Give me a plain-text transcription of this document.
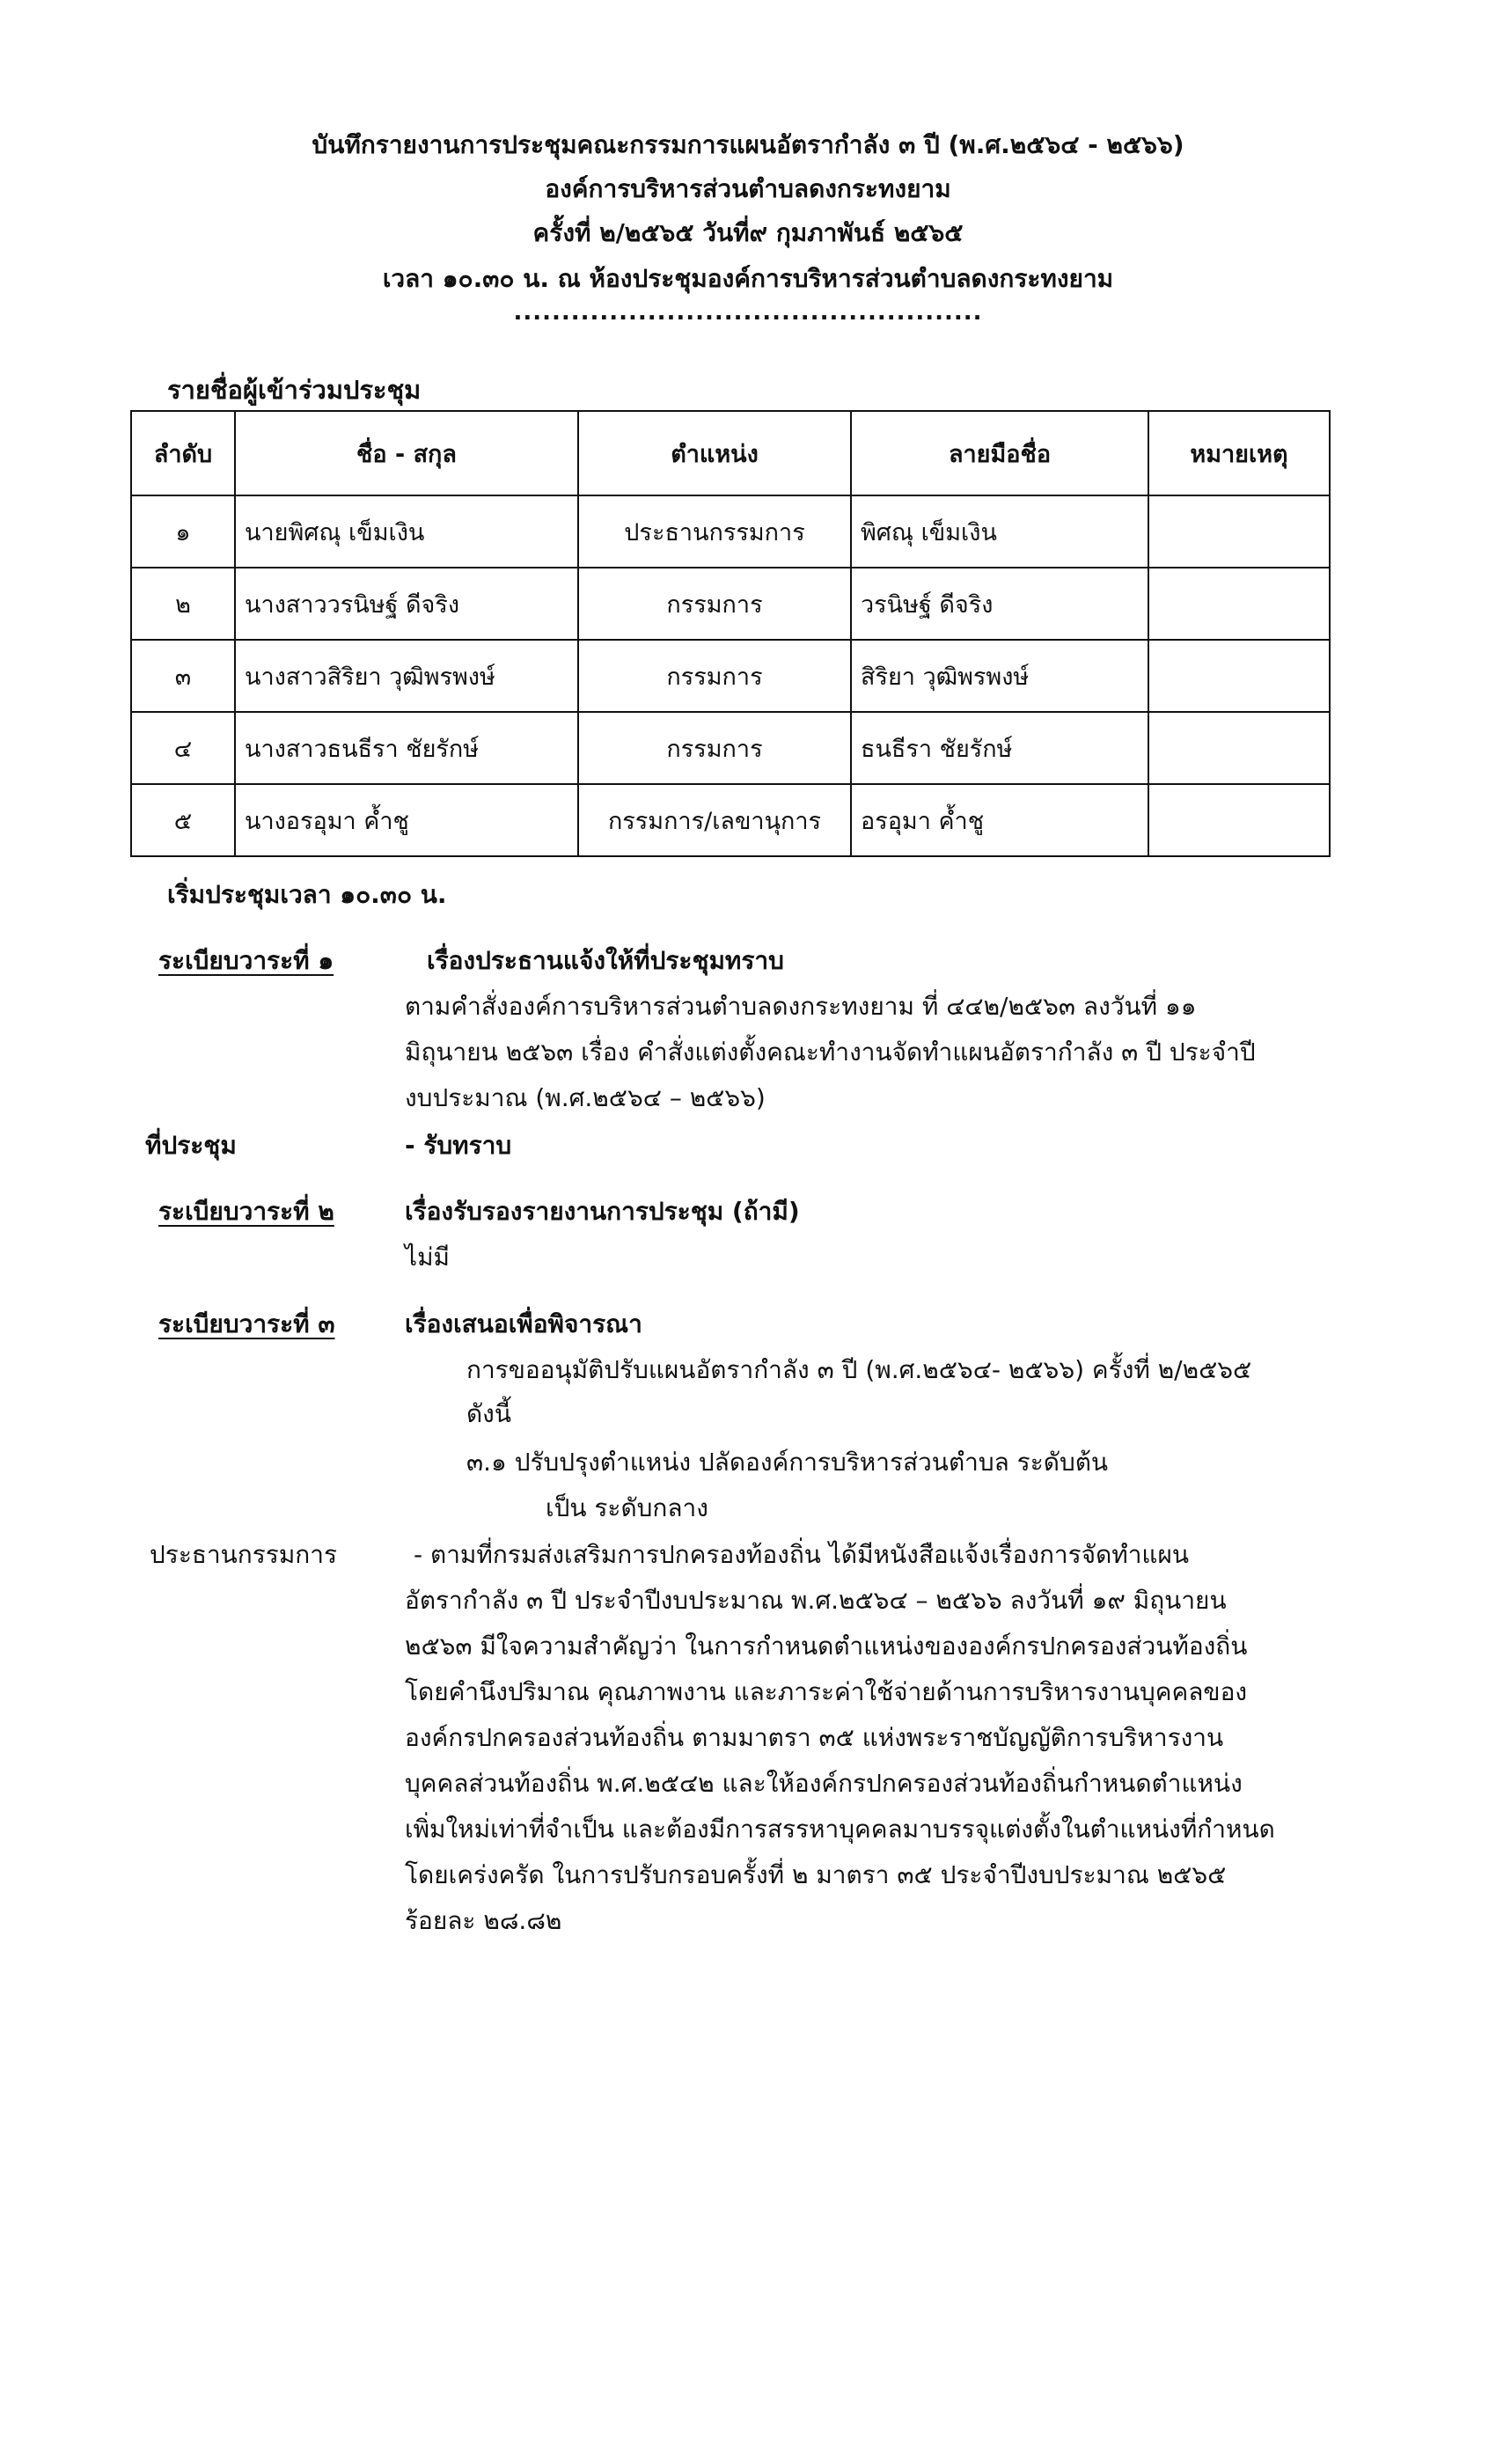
บันทึกรายงานการประชุมคณะกรรมการแผนอัตรากำลัง ๓ ปี (พ.ศ.๒๕๖๔ - ๒๕๖๖)
องค์การบริหารส่วนตำบลดงกระทงยาม
ครั้งที่ ๒/๒๕๖๕ วันที่๙ กุมภาพันธ์ ๒๕๖๕
เวลา ๑๐.๓๐ น. ณ ห้องประชุมองค์การบริหารส่วนตำบลดงกระทงยาม
.................................................
รายชื่อผู้เข้าร่วมประชุม
ลำดับ	ชื่อ - สกุล	ตำแหน่ง	ลายมือชื่อ	หมายเหตุ
๑	นายพิศณุ เข็มเงิน	ประธานกรรมการ	พิศณุ เข็มเงิน	
๒	นางสาววรนิษฐ์ ดีจริง	กรรมการ	วรนิษฐ์ ดีจริง	
๓	นางสาวสิริยา วุฒิพรพงษ์	กรรมการ	สิริยา วุฒิพรพงษ์	
๔	นางสาวธนธีรา ชัยรักษ์	กรรมการ	ธนธีรา ชัยรักษ์	
๕	นางอรอุมา ค้ำชู	กรรมการ/เลขานุการ	อรอุมา ค้ำชู	
เริ่มประชุมเวลา ๑๐.๓๐ น.
ระเบียบวาระที่ ๑	เรื่องประธานแจ้งให้ที่ประชุมทราบ
ตามคำสั่งองค์การบริหารส่วนตำบลดงกระทงยาม ที่ ๔๔๒/๒๕๖๓ ลงวันที่ ๑๑
มิถุนายน ๒๕๖๓ เรื่อง คำสั่งแต่งตั้งคณะทำงานจัดทำแผนอัตรากำลัง ๓ ปี ประจำปี
งบประมาณ (พ.ศ.๒๕๖๔ – ๒๕๖๖)
ที่ประชุม	- รับทราบ
ระเบียบวาระที่ ๒	เรื่องรับรองรายงานการประชุม (ถ้ามี)
ไม่มี
ระเบียบวาระที่ ๓	เรื่องเสนอเพื่อพิจารณา
การขออนุมัติปรับแผนอัตรากำลัง ๓ ปี (พ.ศ.๒๕๖๔- ๒๕๖๖) ครั้งที่ ๒/๒๕๖๕
ดังนี้
๓.๑ ปรับปรุงตำแหน่ง ปลัดองค์การบริหารส่วนตำบล ระดับต้น
เป็น ระดับกลาง
ประธานกรรมการ	- ตามที่กรมส่งเสริมการปกครองท้องถิ่น ได้มีหนังสือแจ้งเรื่องการจัดทำแผน
อัตรากำลัง ๓ ปี ประจำปีงบประมาณ พ.ศ.๒๕๖๔ – ๒๕๖๖ ลงวันที่ ๑๙ มิถุนายน
๒๕๖๓ มีใจความสำคัญว่า ในการกำหนดตำแหน่งขององค์กรปกครองส่วนท้องถิ่น
โดยคำนึงปริมาณ คุณภาพงาน และภาระค่าใช้จ่ายด้านการบริหารงานบุคคลของ
องค์กรปกครองส่วนท้องถิ่น ตามมาตรา ๓๕ แห่งพระราชบัญญัติการบริหารงาน
บุคคลส่วนท้องถิ่น พ.ศ.๒๕๔๒ และให้องค์กรปกครองส่วนท้องถิ่นกำหนดตำแหน่ง
เพิ่มใหม่เท่าที่จำเป็น และต้องมีการสรรหาบุคคลมาบรรจุแต่งตั้งในตำแหน่งที่กำหนด
โดยเคร่งครัด ในการปรับกรอบครั้งที่ ๒ มาตรา ๓๕ ประจำปีงบประมาณ ๒๕๖๕
ร้อยละ ๒๘.๘๒
